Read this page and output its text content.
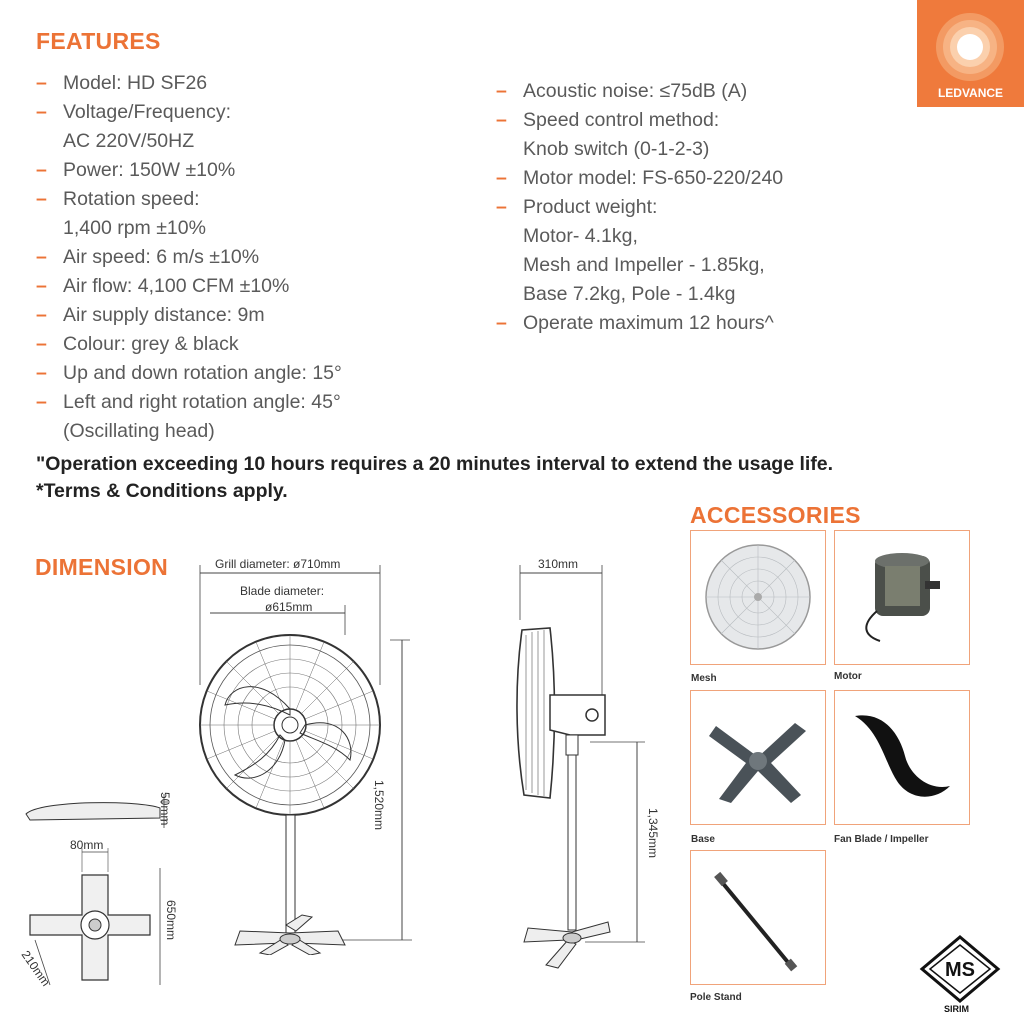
FEATURES
LEDVANCE
– Model: HD SF26
– Voltage/Frequency:
AC 220V/50HZ
– Power: 150W ±10%
– Rotation speed:
1,400 rpm ±10%
– Air speed: 6 m/s ±10%
– Air flow: 4,100 CFM ±10%
– Air supply distance: 9m
– Colour: grey & black
– Up and down rotation angle: 15°
– Left and right rotation angle: 45°
(Oscillating head)
– Acoustic noise: ≤75dB (A)
– Speed control method:
Knob switch (0-1-2-3)
– Motor model: FS-650-220/240
– Product weight:
Motor- 4.1kg,
Mesh and Impeller - 1.85kg,
Base 7.2kg, Pole - 1.4kg
– Operate maximum 12 hours^
"Operation exceeding 10 hours requires a 20 minutes interval to extend the usage life.
*Terms & Conditions apply.
DIMENSION	Grill diameter: ø710mm
Blade diameter:
ø615mm
1,520mm
310mm
1,345mm
50mm
80mm
650mm
210mm
ACCESSORIES
Mesh	Motor
Base	Fan Blade / Impeller
Pole Stand
MS
SIRIM
